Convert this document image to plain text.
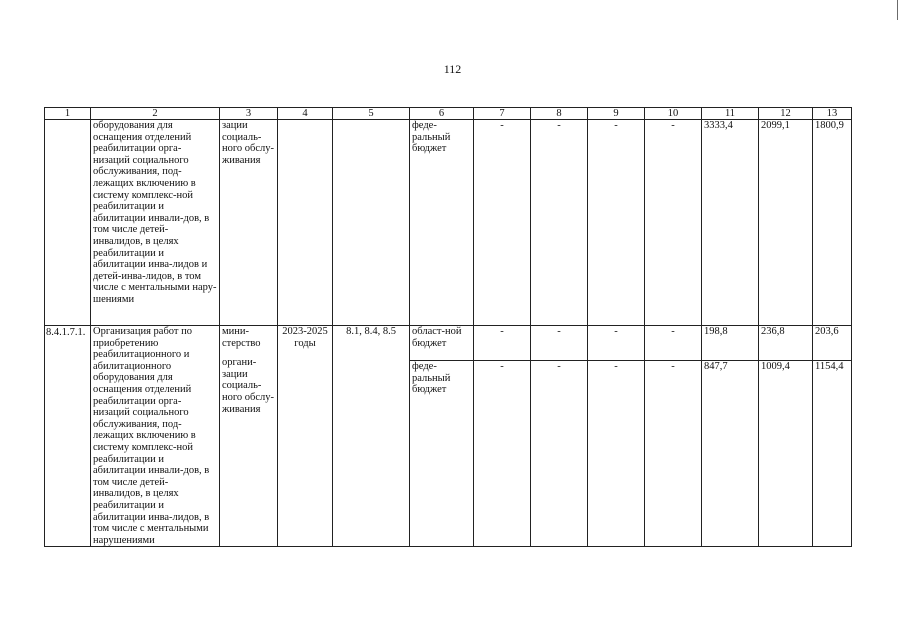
112
1	2	3	4	5	6	7	8	9	10	11	12	13
	оборудования для оснащения отделений реабилитации орга-низаций социального обслуживания, под-лежащих включению в систему комплекс-ной реабилитации и абилитации инвали-дов, в том числе детей-инвалидов, в целях реабилитации и абилитации инва-лидов и детей-инва-лидов, в том числе с ментальными нару-шениями	зации социаль-ного обслу-живания			феде-ральный бюджет	-	-	-	-	3333,4	2099,1	1800,9
8.4.1.7.1.	Организация работ по приобретению реабилитационного и абилитационного оборудования для оснащения отделений реабилитации орга-низаций социального обслуживания, под-лежащих включению в систему комплекс-ной реабилитации и абилитации инвали-дов, в том числе детей-инвалидов, в целях реабилитации и абилитации инва-лидов, в том числе с ментальными нарушениями	мини-стерство
органи-зации социаль-ного обслу-живания	2023-2025 годы	8.1, 8.4, 8.5	област-ной бюджет	-	-	-	-	198,8	236,8	203,6
					феде-ральный бюджет	-	-	-	-	847,7	1009,4	1154,4
